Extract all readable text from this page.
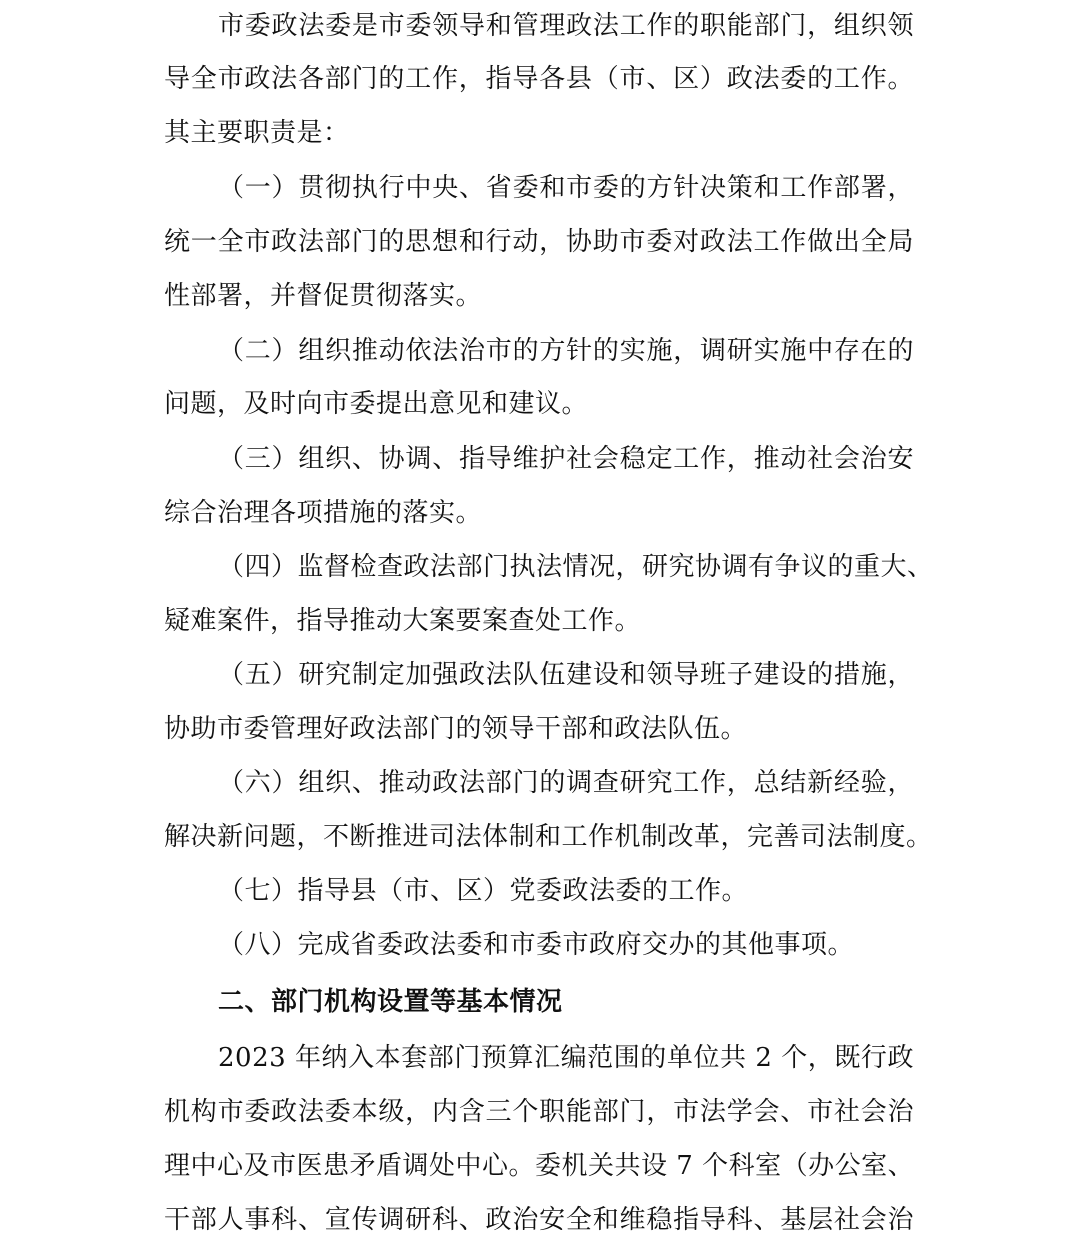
市委政法委是市委领导和管理政法工作的职能部门，组织领
导全市政法各部门的工作，指导各县（市、区）政法委的工作。
其主要职责是：
（一）贯彻执行中央、省委和市委的方针决策和工作部署，
统一全市政法部门的思想和行动，协助市委对政法工作做出全局
性部署，并督促贯彻落实。
（二）组织推动依法治市的方针的实施，调研实施中存在的
问题，及时向市委提出意见和建议。
（三）组织、协调、指导维护社会稳定工作，推动社会治安
综合治理各项措施的落实。
（四）监督检查政法部门执法情况，研究协调有争议的重大、
疑难案件，指导推动大案要案查处工作。
（五）研究制定加强政法队伍建设和领导班子建设的措施，
协助市委管理好政法部门的领导干部和政法队伍。
（六）组织、推动政法部门的调查研究工作，总结新经验，
解决新问题，不断推进司法体制和工作机制改革，完善司法制度。
（七）指导县（市、区）党委政法委的工作。
（八）完成省委政法委和市委市政府交办的其他事项。
二、部门机构设置等基本情况
2023 年纳入本套部门预算汇编范围的单位共 2 个，既行政
机构市委政法委本级，内含三个职能部门，市法学会、市社会治
理中心及市医患矛盾调处中心。委机关共设 7 个科室（办公室、
干部人事科、宣传调研科、政治安全和维稳指导科、基层社会治
